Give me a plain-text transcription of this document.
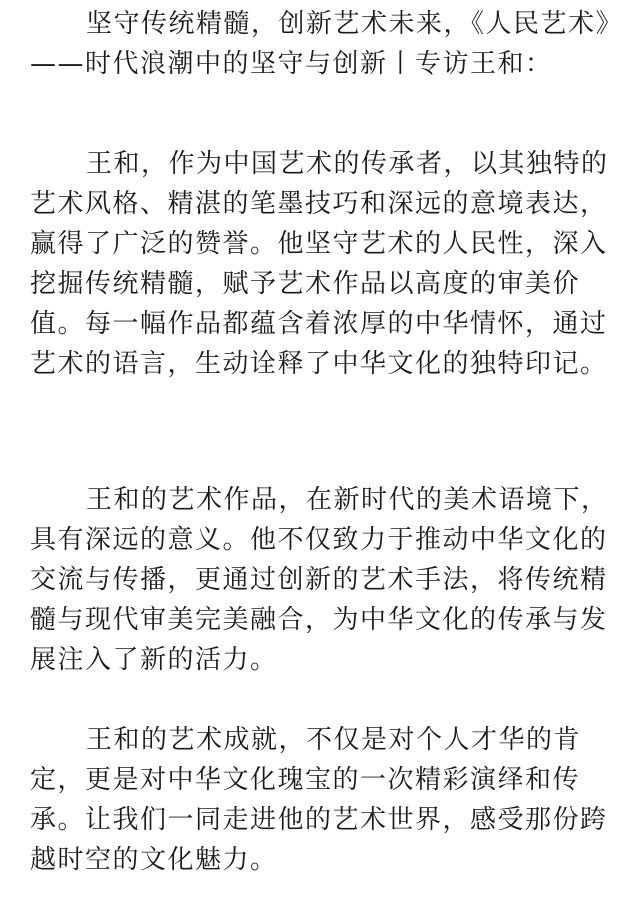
坚守传统精髓，创新艺术未来，《人民艺术》——时代浪潮中的坚守与创新丨专访王和：

王和，作为中国艺术的传承者，以其独特的艺术风格、精湛的笔墨技巧和深远的意境表达，赢得了广泛的赞誉。他坚守艺术的人民性，深入挖掘传统精髓，赋予艺术作品以高度的审美价值。每一幅作品都蕴含着浓厚的中华情怀，通过艺术的语言，生动诠释了中华文化的独特印记。

王和的艺术作品，在新时代的美术语境下，具有深远的意义。他不仅致力于推动中华文化的交流与传播，更通过创新的艺术手法，将传统精髓与现代审美完美融合，为中华文化的传承与发展注入了新的活力。

王和的艺术成就，不仅是对个人才华的肯定，更是对中华文化瑰宝的一次精彩演绎和传承。让我们一同走进他的艺术世界，感受那份跨越时空的文化魅力。
